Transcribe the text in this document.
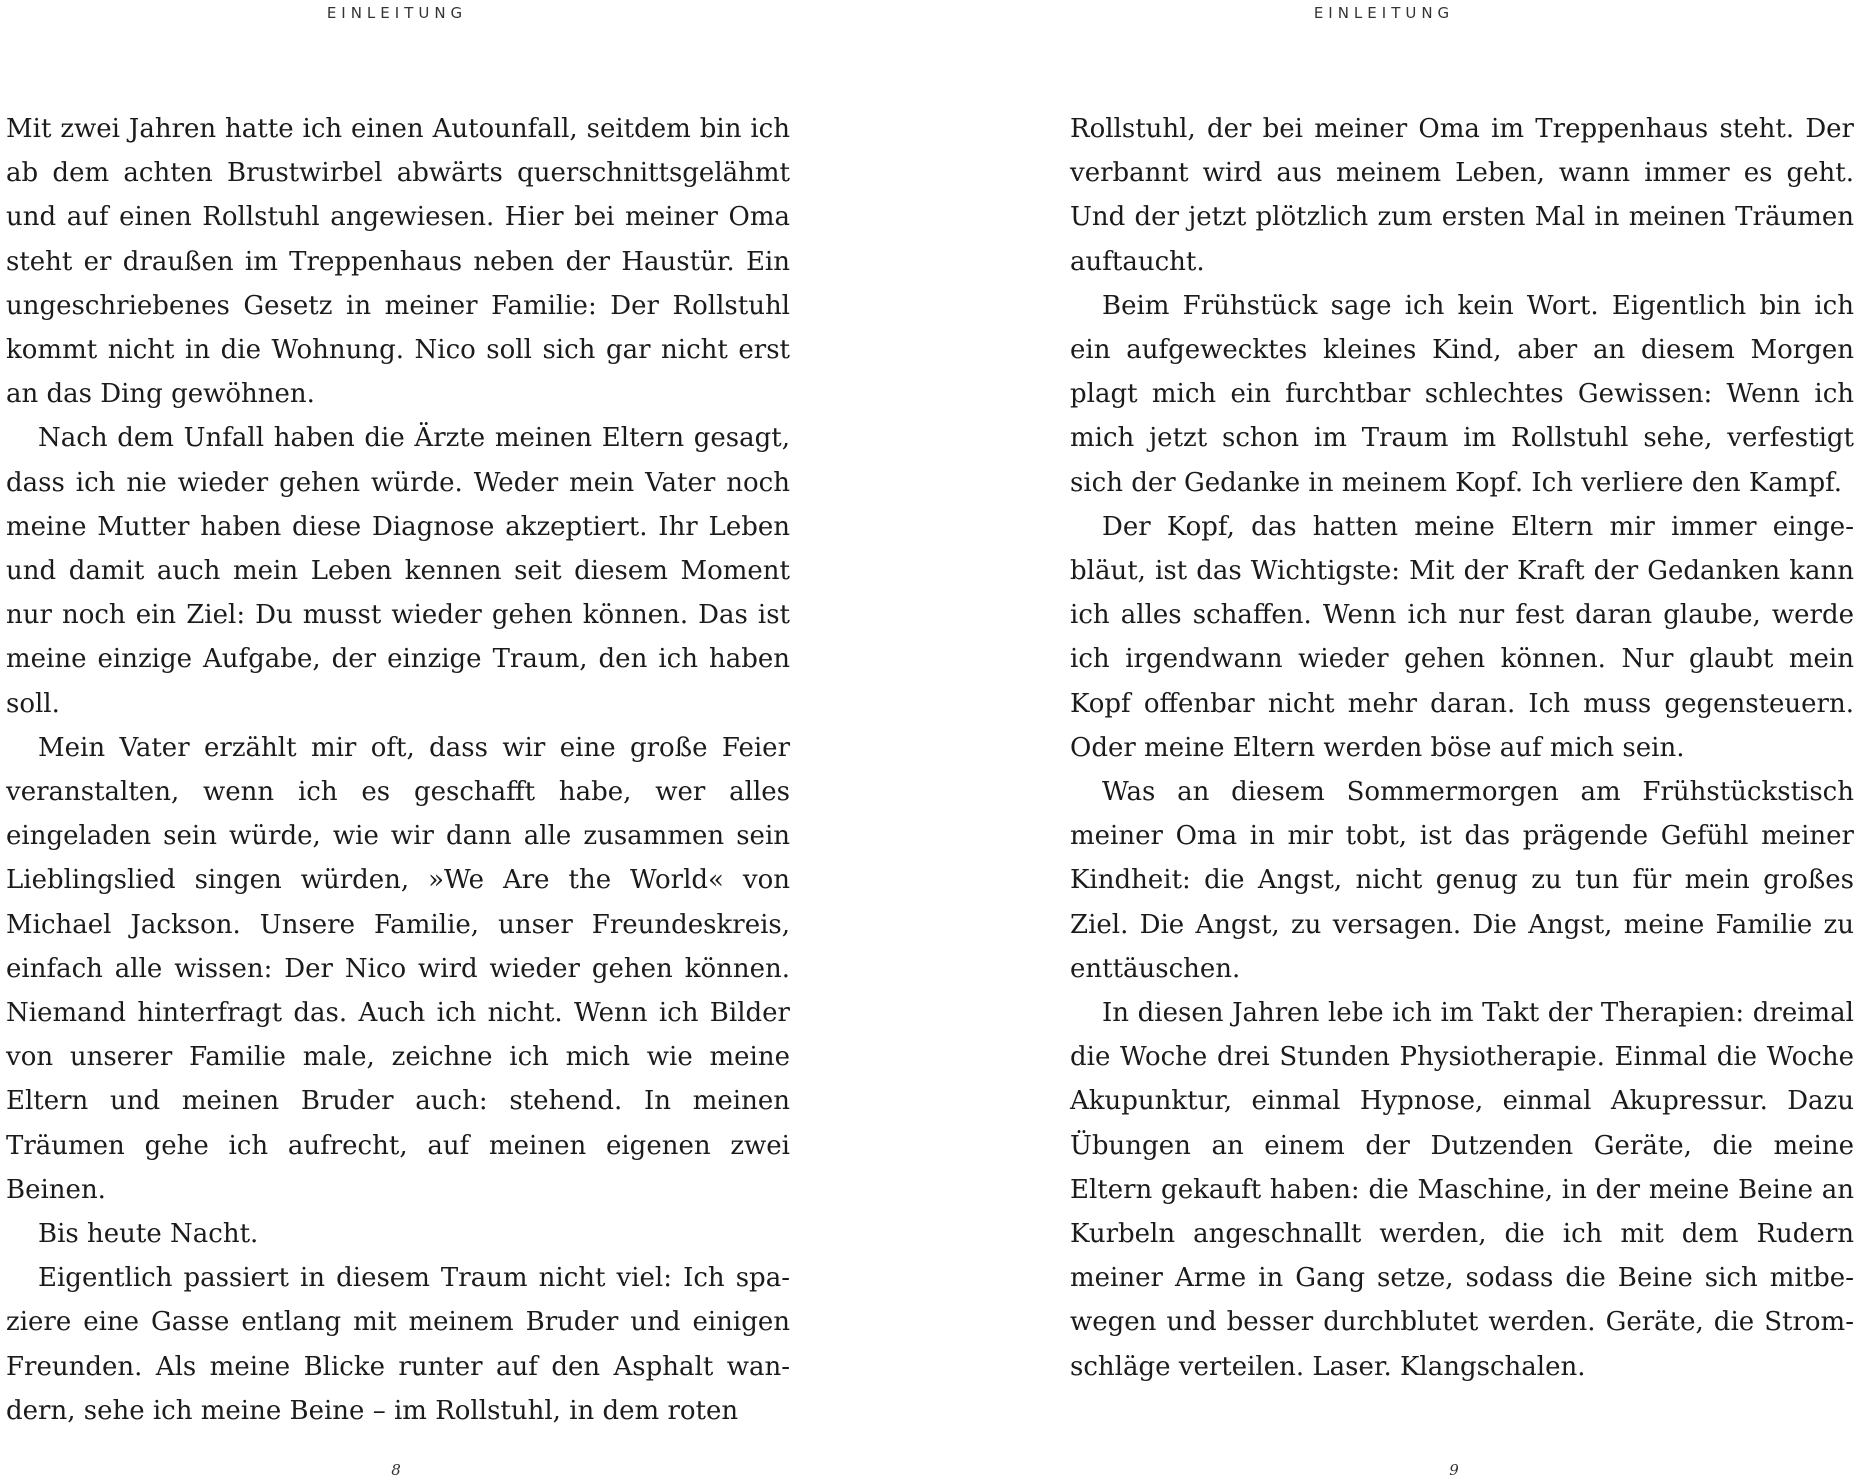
EINLEITUNG

Mit zwei Jahren hatte ich einen Autounfall, seitdem bin ich ab dem achten Brustwirbel abwärts querschnittsgelähmt und auf einen Rollstuhl angewiesen. Hier bei meiner Oma steht er draußen im Treppenhaus neben der Haustür. Ein ungeschriebenes Gesetz in meiner Familie: Der Rollstuhl kommt nicht in die Wohnung. Nico soll sich gar nicht erst an das Ding gewöhnen.

Nach dem Unfall haben die Ärzte meinen Eltern gesagt, dass ich nie wieder gehen würde. Weder mein Vater noch meine Mutter haben diese Diagnose akzeptiert. Ihr Leben und damit auch mein Leben kennen seit diesem Moment nur noch ein Ziel: Du musst wieder gehen können. Das ist meine einzige Aufgabe, der einzige Traum, den ich haben soll.

Mein Vater erzählt mir oft, dass wir eine große Feier veranstalten, wenn ich es geschafft habe, wer alles eingeladen sein würde, wie wir dann alle zusammen sein Lieblingslied singen würden, »We Are the World« von Michael Jackson. Unsere Familie, unser Freundeskreis, einfach alle wissen: Der Nico wird wieder gehen können. Niemand hinterfragt das. Auch ich nicht. Wenn ich Bilder von unserer Familie male, zeichne ich mich wie meine Eltern und meinen Bruder auch: stehend. In meinen Träumen gehe ich aufrecht, auf meinen eigenen zwei Beinen.

Bis heute Nacht.

Eigentlich passiert in diesem Traum nicht viel: Ich spaziere eine Gasse entlang mit meinem Bruder und einigen Freunden. Als meine Blicke runter auf den Asphalt wandern, sehe ich meine Beine – im Rollstuhl, in dem roten

8
EINLEITUNG

Rollstuhl, der bei meiner Oma im Treppenhaus steht. Der verbannt wird aus meinem Leben, wann immer es geht. Und der jetzt plötzlich zum ersten Mal in meinen Träumen auftaucht.

Beim Frühstück sage ich kein Wort. Eigentlich bin ich ein aufgewecktes kleines Kind, aber an diesem Morgen plagt mich ein furchtbar schlechtes Gewissen: Wenn ich mich jetzt schon im Traum im Rollstuhl sehe, verfestigt sich der Gedanke in meinem Kopf. Ich verliere den Kampf.

Der Kopf, das hatten meine Eltern mir immer eingebläut, ist das Wichtigste: Mit der Kraft der Gedanken kann ich alles schaffen. Wenn ich nur fest daran glaube, werde ich irgendwann wieder gehen können. Nur glaubt mein Kopf offenbar nicht mehr daran. Ich muss gegensteuern. Oder meine Eltern werden böse auf mich sein.

Was an diesem Sommermorgen am Frühstückstisch meiner Oma in mir tobt, ist das prägende Gefühl meiner Kindheit: die Angst, nicht genug zu tun für mein großes Ziel. Die Angst, zu versagen. Die Angst, meine Familie zu enttäuschen.

In diesen Jahren lebe ich im Takt der Therapien: dreimal die Woche drei Stunden Physiotherapie. Einmal die Woche Akupunktur, einmal Hypnose, einmal Akupressur. Dazu Übungen an einem der Dutzenden Geräte, die meine Eltern gekauft haben: die Maschine, in der meine Beine an Kurbeln angeschnallt werden, die ich mit dem Rudern meiner Arme in Gang setze, sodass die Beine sich mitbewegen und besser durchblutet werden. Geräte, die Stromschläge verteilen. Laser. Klangschalen.

9
